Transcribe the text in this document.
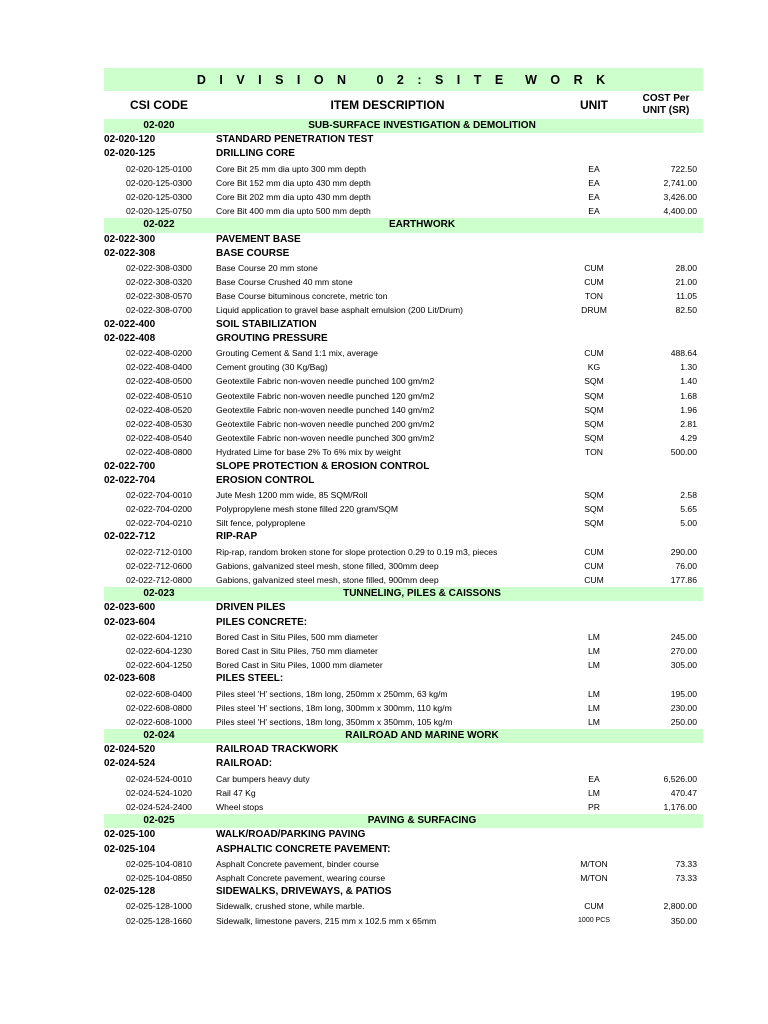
D I V I S I O N   0 2 : S I T E  W O R K
CSI CODE	ITEM DESCRIPTION	UNIT	COST Per
UNIT (SR)
02-020	SUB-SURFACE INVESTIGATION & DEMOLITION
02-020-120	STANDARD PENETRATION TEST
02-020-125	DRILLING CORE
02-020-125-0100	Core Bit 25 mm dia upto 300 mm depth	EA	722.50
02-020-125-0300	Core Bit 152 mm dia upto 430 mm depth	EA	2,741.00
02-020-125-0300	Core Bit 202 mm dia upto 430 mm depth	EA	3,426.00
02-020-125-0750	Core Bit 400 mm dia upto 500 mm depth	EA	4,400.00
02-022	EARTHWORK
02-022-300	PAVEMENT BASE
02-022-308	BASE COURSE
02-022-308-0300	Base Course 20 mm stone	CUM	28.00
02-022-308-0320	Base Course Crushed 40 mm stone	CUM	21.00
02-022-308-0570	Base Course bituminous concrete, metric ton	TON	11.05
02-022-308-0700	Liquid application to gravel base asphalt emulsion (200 Lit/Drum)	DRUM	82.50
02-022-400	SOIL STABILIZATION
02-022-408	GROUTING PRESSURE
02-022-408-0200	Grouting Cement & Sand 1:1 mix, average	CUM	488.64
02-022-408-0400	Cement grouting (30 Kg/Bag)	KG	1.30
02-022-408-0500	Geotextile Fabric non-woven needle punched 100 gm/m2	SQM	1.40
02-022-408-0510	Geotextile Fabric non-woven needle punched 120 gm/m2	SQM	1.68
02-022-408-0520	Geotextile Fabric non-woven needle punched 140 gm/m2	SQM	1.96
02-022-408-0530	Geotextile Fabric non-woven needle punched 200 gm/m2	SQM	2.81
02-022-408-0540	Geotextile Fabric non-woven needle punched 300 gm/m2	SQM	4.29
02-022-408-0800	Hydrated Lime for base 2% To 6% mix by weight	TON	500.00
02-022-700	SLOPE PROTECTION & EROSION CONTROL
02-022-704	EROSION CONTROL
02-022-704-0010	Jute Mesh 1200 mm wide, 85 SQM/Roll	SQM	2.58
02-022-704-0200	Polypropylene mesh stone filled 220 gram/SQM	SQM	5.65
02-022-704-0210	Silt fence, polyproplene	SQM	5.00
02-022-712	RIP-RAP
02-022-712-0100	Rip-rap, random broken stone for slope protection 0.29 to 0.19 m3, pieces	CUM	290.00
02-022-712-0600	Gabions, galvanized steel mesh, stone filled, 300mm deep	CUM	76.00
02-022-712-0800	Gabions, galvanized steel mesh, stone filled, 900mm deep	CUM	177.86
02-023	TUNNELING, PILES & CAISSONS
02-023-600	DRIVEN PILES
02-023-604	PILES CONCRETE:
02-022-604-1210	Bored Cast in Situ Piles, 500 mm diameter	LM	245.00
02-022-604-1230	Bored Cast in Situ Piles, 750 mm diameter	LM	270.00
02-022-604-1250	Bored Cast in Situ Piles, 1000 mm diameter	LM	305.00
02-023-608	PILES STEEL:
02-022-608-0400	Piles steel 'H' sections, 18m long, 250mm x 250mm, 63 kg/m	LM	195.00
02-022-608-0800	Piles steel 'H' sections, 18m long, 300mm x 300mm, 110 kg/m	LM	230.00
02-022-608-1000	Piles steel 'H' sections, 18m long, 350mm x 350mm, 105 kg/m	LM	250.00
02-024	RAILROAD AND MARINE WORK
02-024-520	RAILROAD TRACKWORK
02-024-524	RAILROAD:
02-024-524-0010	Car bumpers heavy duty	EA	6,526.00
02-024-524-1020	Rail 47 Kg	LM	470.47
02-024-524-2400	Wheel stops	PR	1,176.00
02-025	PAVING & SURFACING
02-025-100	WALK/ROAD/PARKING PAVING
02-025-104	ASPHALTIC CONCRETE PAVEMENT:
02-025-104-0810	Asphalt Concrete pavement, binder course	M/TON	73.33
02-025-104-0850	Asphalt Concrete pavement, wearing course	M/TON	73.33
02-025-128	SIDEWALKS, DRIVEWAYS, & PATIOS
02-025-128-1000	Sidewalk, crushed stone, while marble.	CUM	2,800.00
02-025-128-1660	Sidewalk, limestone pavers, 215 mm x 102.5 mm x 65mm	1000 PCS	350.00
